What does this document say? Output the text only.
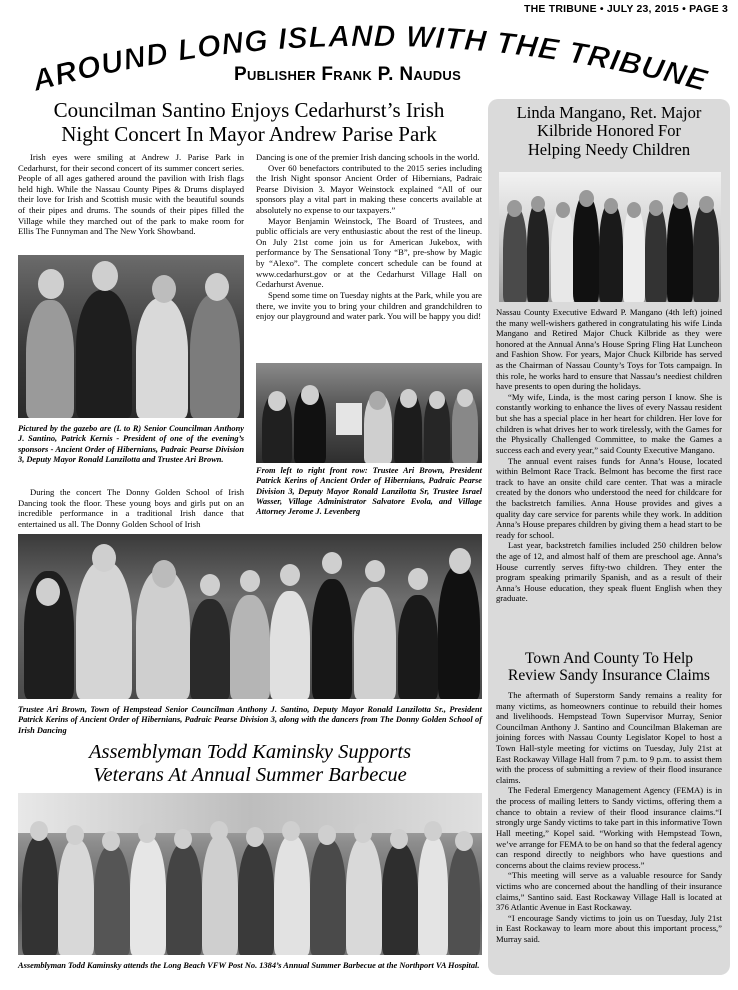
THE TRIBUNE • JULY 23, 2015 • PAGE 3
AROUND LONG ISLAND WITH THE TRIBUNE
Publisher Frank P. Naudus
Councilman Santino Enjoys Cedarhurst’s Irish
Night Concert In Mayor Andrew Parise Park

Irish eyes were smiling at Andrew J. Parise Park in Cedarhurst, for their second concert of its summer concert series. People of all ages gathered around the pavilion with Irish flags held high. While the Nassau County Pipes & Drums displayed their love for Irish and Scottish music with the beautiful sounds of their pipes and drums. The sounds of their pipes filled the Village while they marched out of the park to make room for Ellis The Funnyman and The New York Showband.

Pictured by the gazebo are (L to R) Senior Councilman Anthony J. Santino, Patrick Kernis - President of one of the evening’s sponsors - Ancient Order of Hibernians, Padraic Pearse Division 3, Deputy Mayor Ronald Lanzilotta and Trustee Ari Brown.

During the concert The Donny Golden School of Irish Dancing took the floor. These young boys and girls put on an incredible performance in a traditional Irish dance that entertained us all. The Donny Golden School of Irish

Dancing is one of the premier Irish dancing schools in the world.

Over 60 benefactors contributed to the 2015 series including the Irish Night sponsor Ancient Order of Hibernians, Padraic Pearse Division 3. Mayor Weinstock explained “All of our sponsors play a vital part in making these concerts available at absolutely no expense to our taxpayers.”

Mayor Benjamin Weinstock, The Board of Trustees, and public officials are very enthusiastic about the rest of the lineup. On July 21st come join us for American Jukebox, with performance by The Sensational Tony “B”, pre-show by Magic by “Alexo”. The complete concert schedule can be found at www.cedarhurst.gov or at the Cedarhurst Village Hall on Cedarhurst Avenue.

Spend some time on Tuesday nights at the Park, while you are there, we invite you to bring your children and grandchildren to enjoy our playground and water park. You will be happy you did!

From left to right front row: Trustee Ari Brown, President Patrick Kerins of Ancient Order of Hibernians, Padraic Pearse Division 3, Deputy Mayor Ronald Lanzilotta Sr, Trustee Israel Wasser, Village Administrator Salvatore Evola, and Village Attorney Jerome J. Levenberg
Trustee Ari Brown, Town of Hempstead Senior Councilman Anthony J. Santino, Deputy Mayor Ronald Lanzilotta Sr., President Patrick Kerins of Ancient Order of Hibernians, Padraic Pearse Division 3, along with the dancers from The Donny Golden School of Irish Dancing
Assemblyman Todd Kaminsky Supports
Veterans At Annual Summer Barbecue
Assemblyman Todd Kaminsky attends the Long Beach VFW Post No. 1384’s Annual Summer Barbecue at the Northport VA Hospital.
Linda Mangano, Ret. Major
Kilbride Honored For
Helping Needy Children

Nassau County Executive Edward P. Mangano (4th left) joined the many well-wishers gathered in congratulating his wife Linda Mangano and Retired Major Chuck Kilbride as they were honored at the Annual Anna’s House Spring Fling Hat Luncheon and Fashion Show. For years, Major Chuck Kilbride has served as the Chairman of Nassau County’s Toys for Tots campaign. In this role, he works hard to ensure that Nassau’s neediest children have presents to open during the holidays.

“My wife, Linda, is the most caring person I know. She is constantly working to enhance the lives of every Nassau resident but she has a special place in her heart for children. Her love for children is what drives her to work tirelessly, with the Games for the Physically Challenged Committee, to make the Games a success each and every year,” said County Executive Mangano.

The annual event raises funds for Anna’s House, located within Belmont Race Track. Belmont has become the first race track to have an onsite child care center. That was a miracle created by the donors who understood the need for childcare for the backstretch families. Anna House provides and gives a quality day care service for parents while they work. In addition Anna’s House prepares children by giving them a head start to be ready for school.

Last year, backstretch families included 250 children below the age of 12, and almost half of them are preschool age. Anna’s House currently serves fifty-two children. They enter the program speaking primarily Spanish, and as a result of their Anna’s House education, they speak fluent English when they graduate.

Town And County To Help
Review Sandy Insurance Claims

The aftermath of Superstorm Sandy remains a reality for many victims, as homeowners continue to rebuild their homes and livelihoods. Hempstead Town Supervisor Murray, Senior Councilman Anthony J. Santino and Councilman Blakeman are joining forces with Nassau County Legislator Kopel to host a Town Hall-style meeting for victims on Tuesday, July 21st at East Rockaway Village Hall from 7 p.m. to 9 p.m. to assist them with the process of submitting a review of their flood insurance claims.

The Federal Emergency Management Agency (FEMA) is in the process of mailing letters to Sandy victims, offering them a chance to obtain a review of their flood insurance claims.“I strongly urge Sandy victims to take part in this informative Town Hall meeting,” Kopel said. “Working with Hempstead Town, we’ve arrange for FEMA to be on hand so that the federal agency can respond directly to neighbors who have questions and concerns about the claims review process.”

“This meeting will serve as a valuable resource for Sandy victims who are concerned about the handling of their insurance claims,” Santino said. East Rockaway Village Hall is located at 376 Atlantic Avenue in East Rockaway.

“I encourage Sandy victims to join us on Tuesday, July 21st in East Rockaway to learn more about this important process,” Murray said.
